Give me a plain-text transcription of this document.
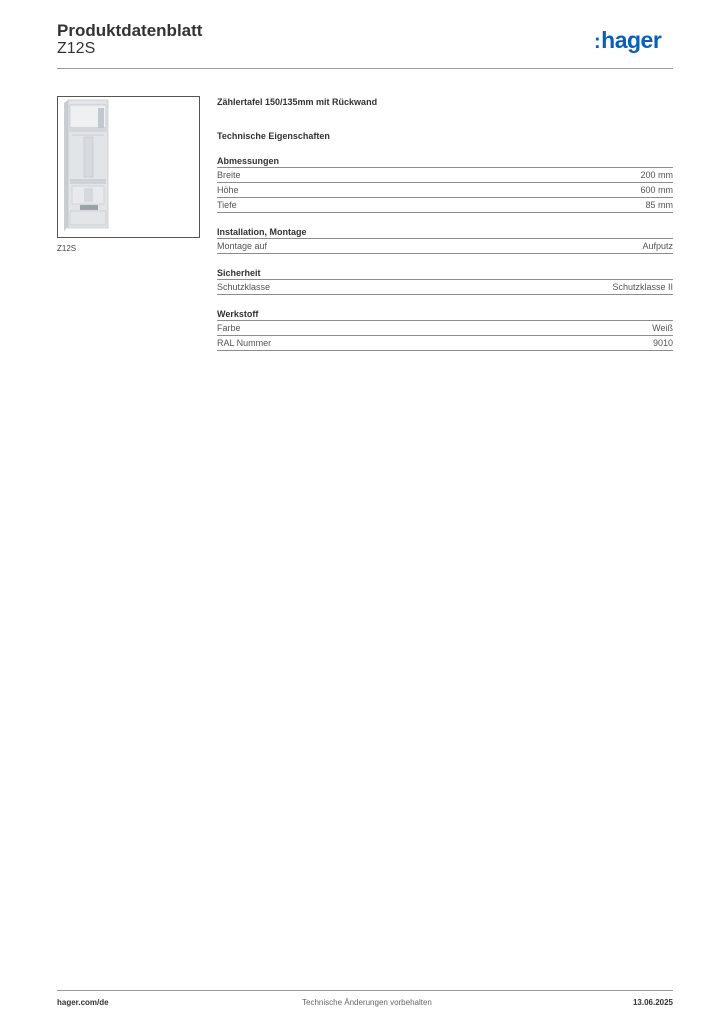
Produktdatenblatt
Z12S	:hager
Z12S
Zählertafel 150/135mm mit Rückwand
Technische Eigenschaften
Abmessungen
Breite	200 mm
Höhe	600 mm
Tiefe	85 mm
Installation, Montage
Montage auf	Aufputz
Sicherheit
Schutzklasse	Schutzklasse II
Werkstoff
Farbe	Weiß
RAL Nummer	9010
hager.com/de	Technische Änderungen vorbehalten	13.06.2025
